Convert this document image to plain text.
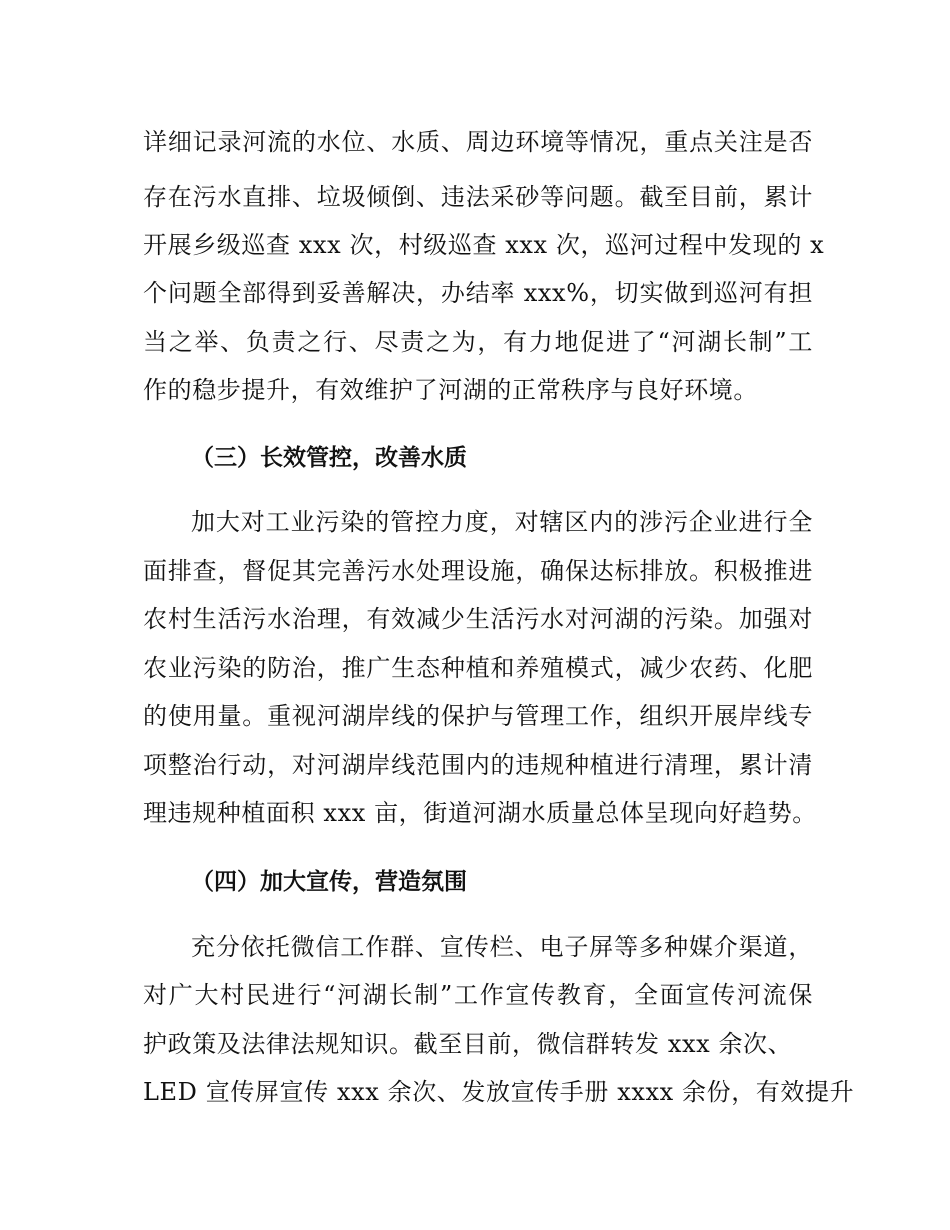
详细记录河流的水位、水质、周边环境等情况，重点关注是否

存在污水直排、垃圾倾倒、违法采砂等问题。截至目前，累计

开展乡级巡查 xxx 次，村级巡查 xxx 次，巡河过程中发现的 x

个问题全部得到妥善解决，办结率 xxx%，切实做到巡河有担

当之举、负责之行、尽责之为，有力地促进了“河湖长制”工

作的稳步提升，有效维护了河湖的正常秩序与良好环境。

（三）长效管控，改善水质

加大对工业污染的管控力度，对辖区内的涉污企业进行全

面排查，督促其完善污水处理设施，确保达标排放。积极推进

农村生活污水治理，有效减少生活污水对河湖的污染。加强对

农业污染的防治，推广生态种植和养殖模式，减少农药、化肥

的使用量。重视河湖岸线的保护与管理工作，组织开展岸线专

项整治行动，对河湖岸线范围内的违规种植进行清理，累计清

理违规种植面积 xxx 亩，街道河湖水质量总体呈现向好趋势。

（四）加大宣传，营造氛围

充分依托微信工作群、宣传栏、电子屏等多种媒介渠道，

对广大村民进行“河湖长制”工作宣传教育，全面宣传河流保

护政策及法律法规知识。截至目前，微信群转发 xxx 余次、

LED 宣传屏宣传 xxx 余次、发放宣传手册 xxxx 余份，有效提升
